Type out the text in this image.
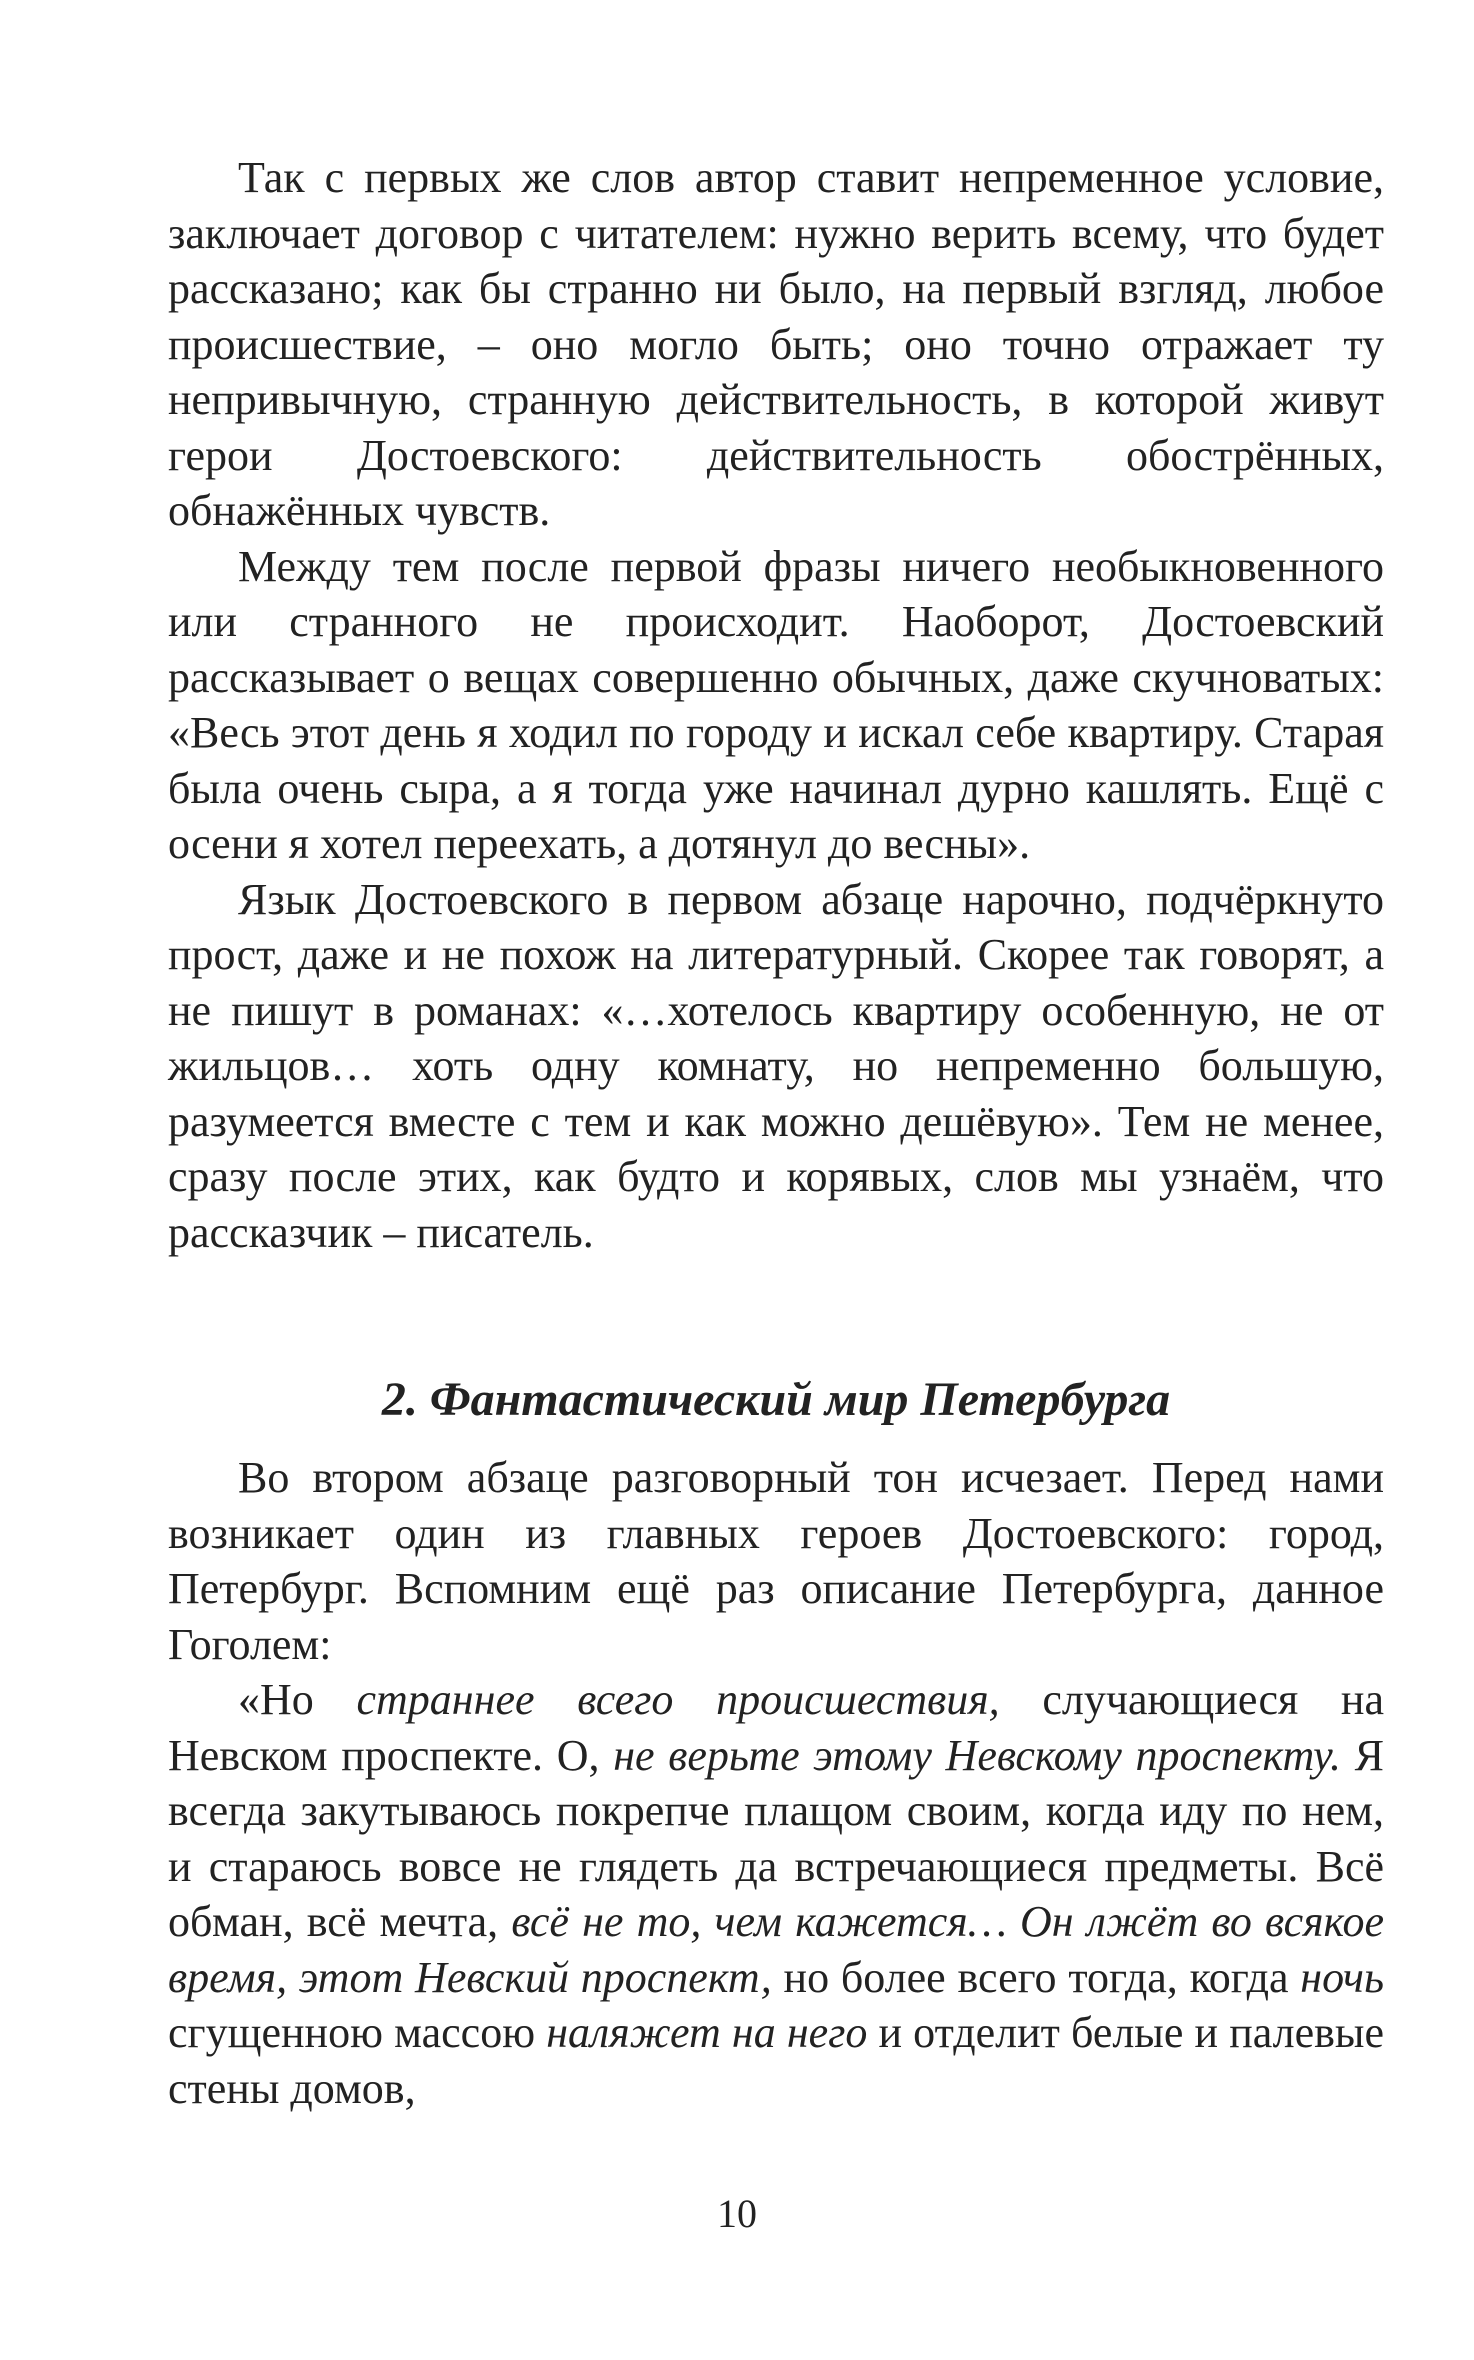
Так с первых же слов автор ставит непременное условие, заключает договор с читателем: нужно верить всему, что будет рассказано; как бы странно ни было, на первый взгляд, любое происшествие, – оно могло быть; оно точно отражает ту непривычную, странную действительность, в которой живут герои Достоевского: действительность обострённых, обнажённых чувств.

Между тем после первой фразы ничего необыкновенного или странного не происходит. Наоборот, Достоевский рассказывает о вещах совершенно обычных, даже скучноватых: «Весь этот день я ходил по городу и искал себе квартиру. Старая была очень сыра, а я тогда уже начинал дурно кашлять. Ещё с осени я хотел переехать, а дотянул до весны».

Язык Достоевского в первом абзаце нарочно, подчёркнуто прост, даже и не похож на литературный. Скорее так говорят, а не пишут в романах: «…хотелось квартиру особенную, не от жильцов… хоть одну комнату, но непременно большую, разумеется вместе с тем и как можно дешёвую». Тем не менее, сразу после этих, как будто и корявых, слов мы узнаём, что рассказчик – писатель.

2. Фантастический мир Петербурга

Во втором абзаце разговорный тон исчезает. Перед нами возникает один из главных героев Достоевского: город, Петербург. Вспомним ещё раз описание Петербурга, данное Гоголем:

«Но страннее всего происшествия, случающиеся на Невском проспекте. О, не верьте этому Невскому проспекту. Я всегда закутываюсь покрепче плащом своим, когда иду по нем, и стараюсь вовсе не глядеть да встречающиеся предметы. Всё обман, всё мечта, всё не то, чем кажется… Он лжёт во всякое время, этот Невский проспект, но более всего тогда, когда ночь сгущенною массою наляжет на него и отделит белые и палевые стены домов,

10
